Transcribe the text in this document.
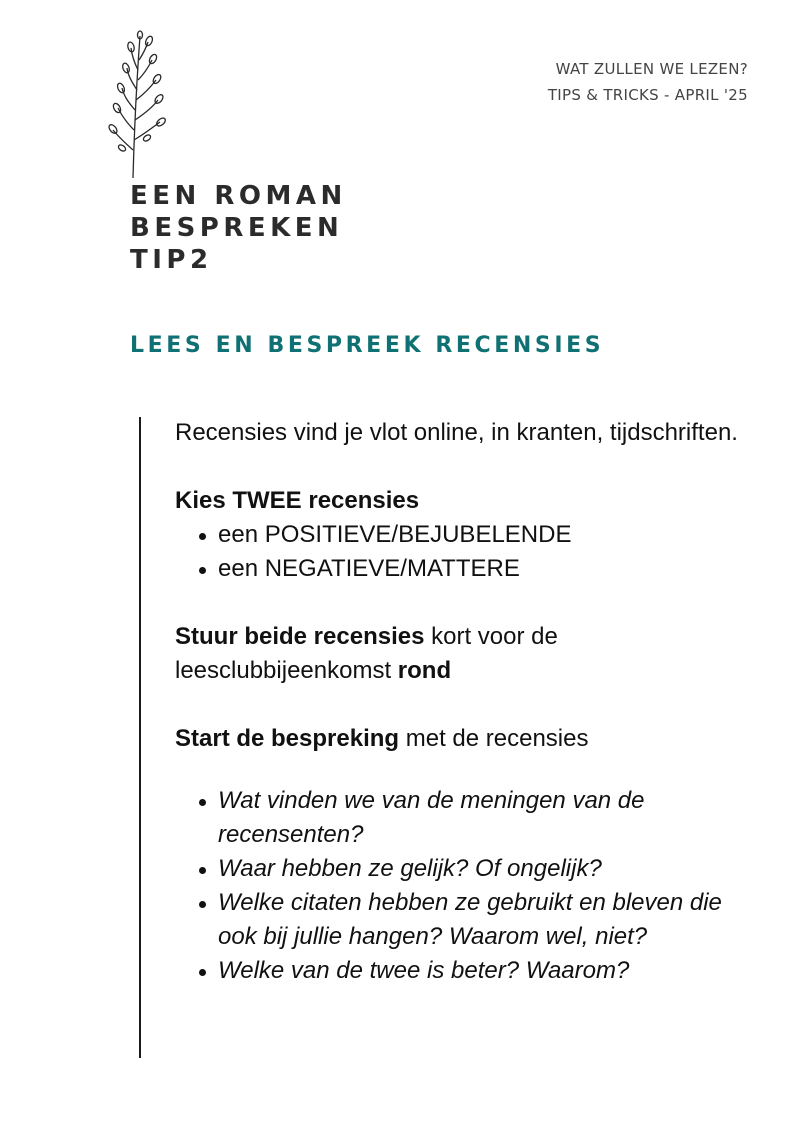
WAT ZULLEN WE LEZEN?
TIPS & TRICKS - APRIL '25
EEN ROMAN
BESPREKEN
TIP2
LEES EN BESPREEK RECENSIES

Recensies vind je vlot online, in kranten, tijdschriften.

Kies TWEE recensies

een POSITIEVE/BEJUBELENDE
een NEGATIEVE/MATTERE

Stuur beide recensies kort voor de leesclubbijeenkomst rond

Start de bespreking met de recensies

Wat vinden we van de meningen van de recensenten?
Waar hebben ze gelijk? Of ongelijk?
Welke citaten hebben ze gebruikt en bleven die ook bij jullie hangen? Waarom wel, niet?
Welke van de twee is beter? Waarom?
